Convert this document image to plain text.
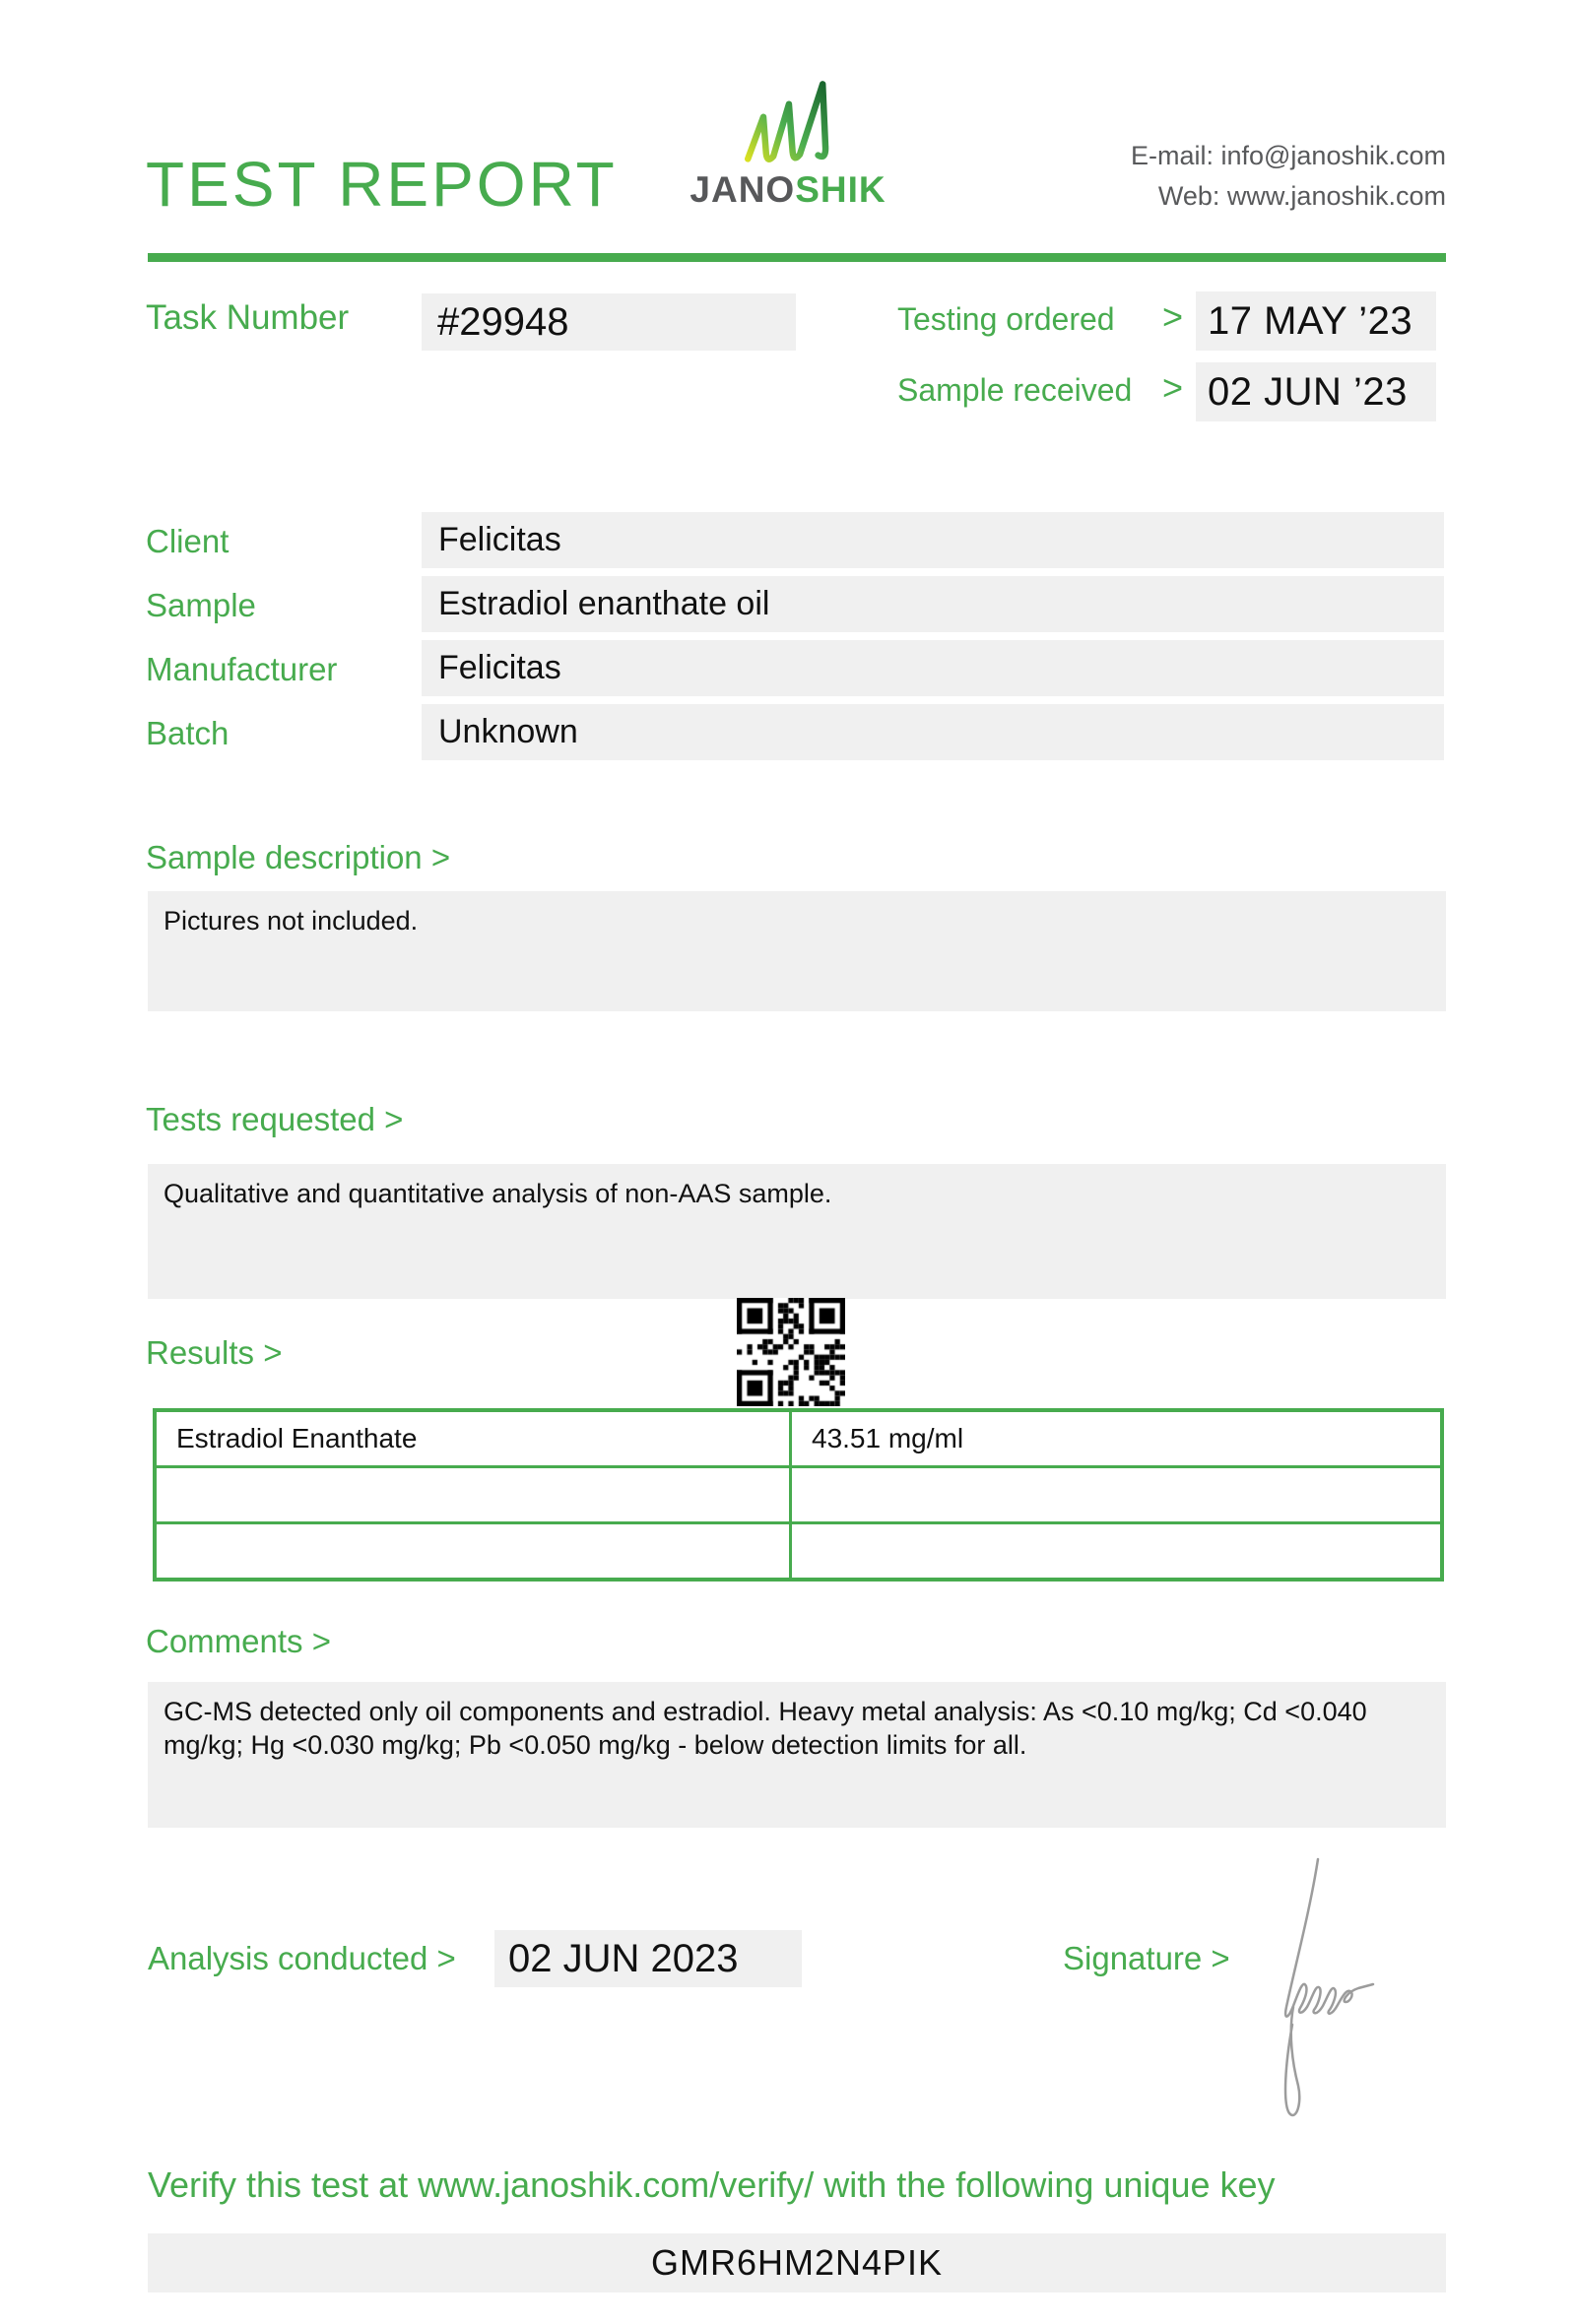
TEST REPORT	JANOSHIK
E-mail: info@janoshik.com
Web: www.janoshik.com
Task Number	#29948	Testing ordered > 17 MAY ’23
Sample received > 02 JUN ’23
Client	Felicitas
Sample	Estradiol enanthate oil
Manufacturer	Felicitas
Batch	Unknown
Sample description >
Pictures not included.
Tests requested >
Qualitative and quantitative analysis of non-AAS sample.
Results >
Estradiol Enanthate	43.51 mg/ml

Comments >
GC-MS detected only oil components and estradiol. Heavy metal analysis: As <0.10 mg/kg; Cd <0.040 mg/kg; Hg <0.030 mg/kg; Pb <0.050 mg/kg - below detection limits for all.
Analysis conducted >	02 JUN 2023	Signature >
Verify this test at www.janoshik.com/verify/ with the following unique key
GMR6HM2N4PIK
